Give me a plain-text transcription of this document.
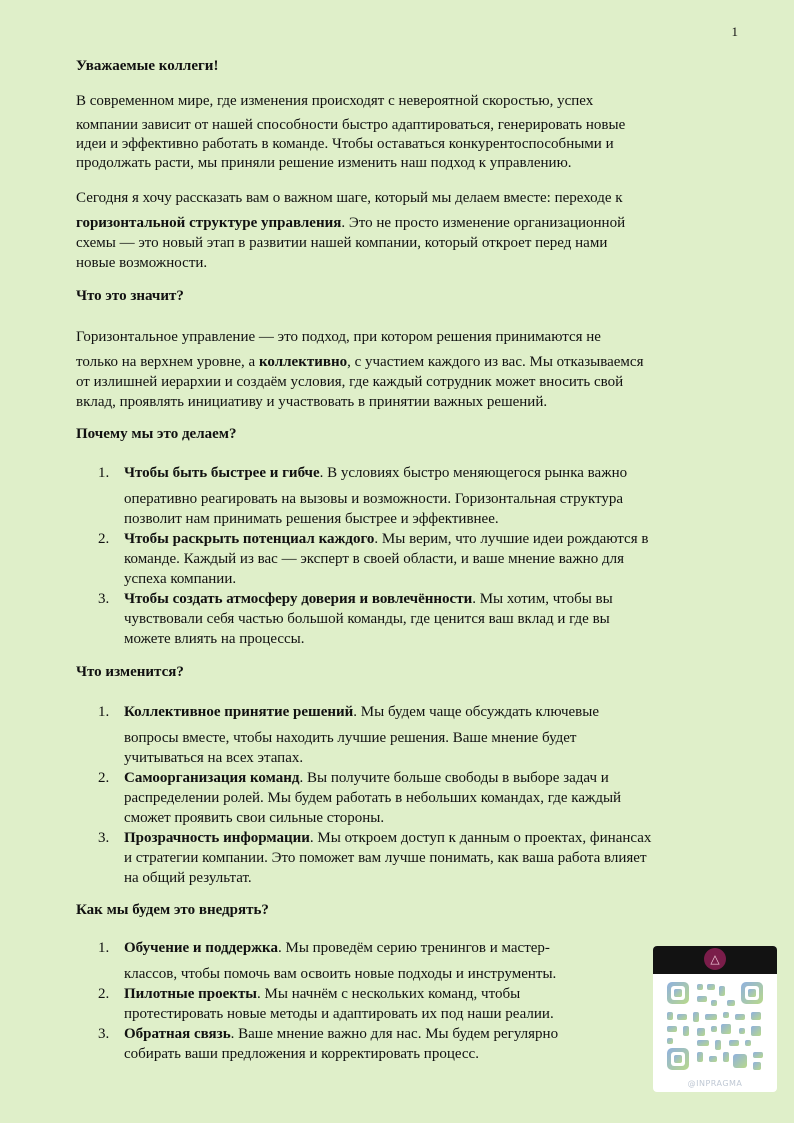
1

Уважаемые коллеги!

В современном мире, где изменения происходят с невероятной скоростью, успех

компании зависит от нашей способности быстро адаптироваться, генерировать новые

идеи и эффективно работать в команде. Чтобы оставаться конкурентоспособными и

продолжать расти, мы приняли решение изменить наш подход к управлению.

Сегодня я хочу рассказать вам о важном шаге, который мы делаем вместе: переходе к

горизонтальной структуре управления. Это не просто изменение организационной

схемы — это новый этап в развитии нашей компании, который откроет перед нами

новые возможности.

Что это значит?

Горизонтальное управление — это подход, при котором решения принимаются не

только на верхнем уровне, а коллективно, с участием каждого из вас. Мы отказываемся

от излишней иерархии и создаём условия, где каждый сотрудник может вносить свой

вклад, проявлять инициативу и участвовать в принятии важных решений.

Почему мы это делаем?

1. Чтобы быть быстрее и гибче. В условиях быстро меняющегося рынка важно
оперативно реагировать на вызовы и возможности. Горизонтальная структура
позволит нам принимать решения быстрее и эффективнее.
2. Чтобы раскрыть потенциал каждого. Мы верим, что лучшие идеи рождаются в
команде. Каждый из вас — эксперт в своей области, и ваше мнение важно для
успеха компании.
3. Чтобы создать атмосферу доверия и вовлечённости. Мы хотим, чтобы вы
чувствовали себя частью большой команды, где ценится ваш вклад и где вы
можете влиять на процессы.

Что изменится?

1. Коллективное принятие решений. Мы будем чаще обсуждать ключевые
вопросы вместе, чтобы находить лучшие решения. Ваше мнение будет
учитываться на всех этапах.
2. Самоорганизация команд. Вы получите больше свободы в выборе задач и
распределении ролей. Мы будем работать в небольших командах, где каждый
сможет проявить свои сильные стороны.
3. Прозрачность информации. Мы откроем доступ к данным о проектах, финансах
и стратегии компании. Это поможет вам лучше понимать, как ваша работа влияет
на общий результат.

Как мы будем это внедрять?

1. Обучение и поддержка. Мы проведём серию тренингов и мастер-
классов, чтобы помочь вам освоить новые подходы и инструменты.
2. Пилотные проекты. Мы начнём с нескольких команд, чтобы
протестировать новые методы и адаптировать их под наши реалии.
3. Обратная связь. Ваше мнение важно для нас. Мы будем регулярно
собирать ваши предложения и корректировать процесс.
△
@INPRAGMA
